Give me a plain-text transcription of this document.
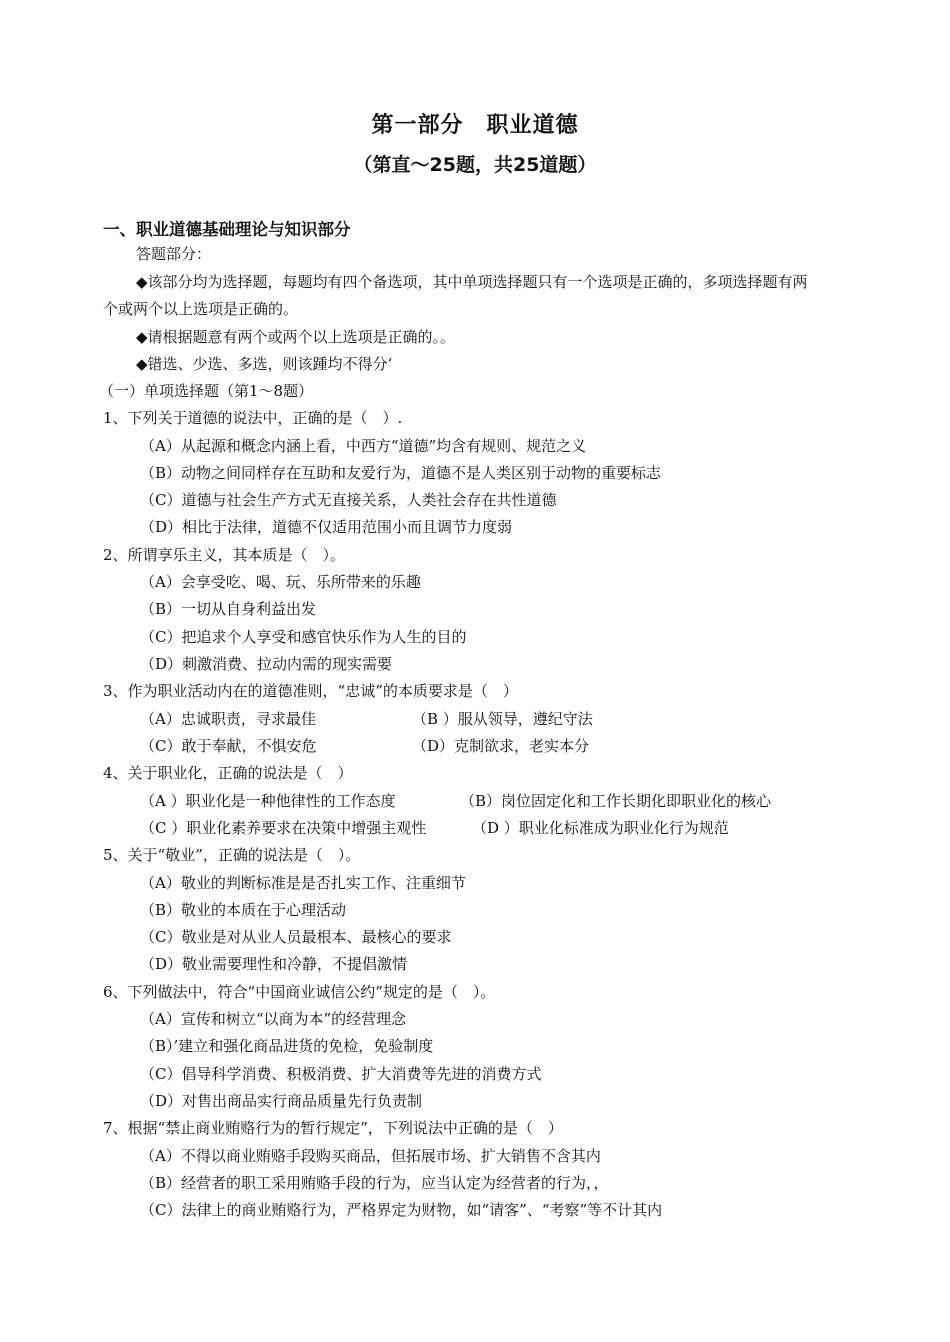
第一部分　职业道德
（第直～25题，共25道题）
一、职业道德基础理论与知识部分
答题部分：
◆该部分均为选择题，每题均有四个备选项，其中单项选择题只有一个选项是正确的，多项选择题有两
个或两个以上选项是正确的。
◆请根据题意有两个或两个以上选项是正确的。。
◆错选、少选、多选，则该踵均不得分‘
（一）单项选择题（第1～8题）
1、下列关于道德的说法中，正确的是（　）.
（A）从起源和概念内涵上看，中西方“道德”均含有规则、规范之义
（B）动物之间同样存在互助和友爱行为，道德不是人类区别于动物的重要标志
（C）道德与社会生产方式无直接关系，人类社会存在共性道德
（D）相比于法律，道德不仅适用范围小而且调节力度弱
2、所谓享乐主义，其本质是（　）。
（A）会享受吃、喝、玩、乐所带来的乐趣
（B）一切从自身利益出发
（C）把追求个人享受和感官快乐作为人生的目的
（D）刺激消费、拉动内需的现实需要
3、作为职业活动内在的道德准则，“忠诚”的本质要求是（　）
（A）忠诚职责，寻求最佳	（B ）服从领导，遵纪守法
（C）敢于奉献，不惧安危	（D）克制欲求，老实本分
4、关于职业化，正确的说法是（　）
（A ）职业化是一种他律性的工作态度	（B）岗位固定化和工作长期化即职业化的核心
（C ）职业化素养要求在决策中增强主观性	（D ）职业化标准成为职业化行为规范
5、关于“敬业”，正确的说法是（　）。
（A）敬业的判断标准是是否扎实工作、注重细节
（B）敬业的本质在于心理活动
（C）敬业是对从业人员最根本、最核心的要求
（D）敬业需要理性和冷静，不提倡激情
6、下列做法中，符合“中国商业诚信公约”规定的是（　）。
（A）宣传和树立“以商为本”的经营理念
（B）’建立和强化商品进货的免检，免验制度
（C）倡导科学消费、积极消费、扩大消费等先进的消费方式
（D）对售出商品实行商品质量先行负责制
7、根据“禁止商业贿赂行为的暂行规定”，下列说法中正确的是（　）
（A）不得以商业贿赂手段购买商品，但拓展市场、扩大销售不含其内
（B）经营者的职工采用贿赂手段的行为，应当认定为经营者的行为，，
（C）法律上的商业贿赂行为，严格界定为财物，如“请客”、“考察”等不计其内
